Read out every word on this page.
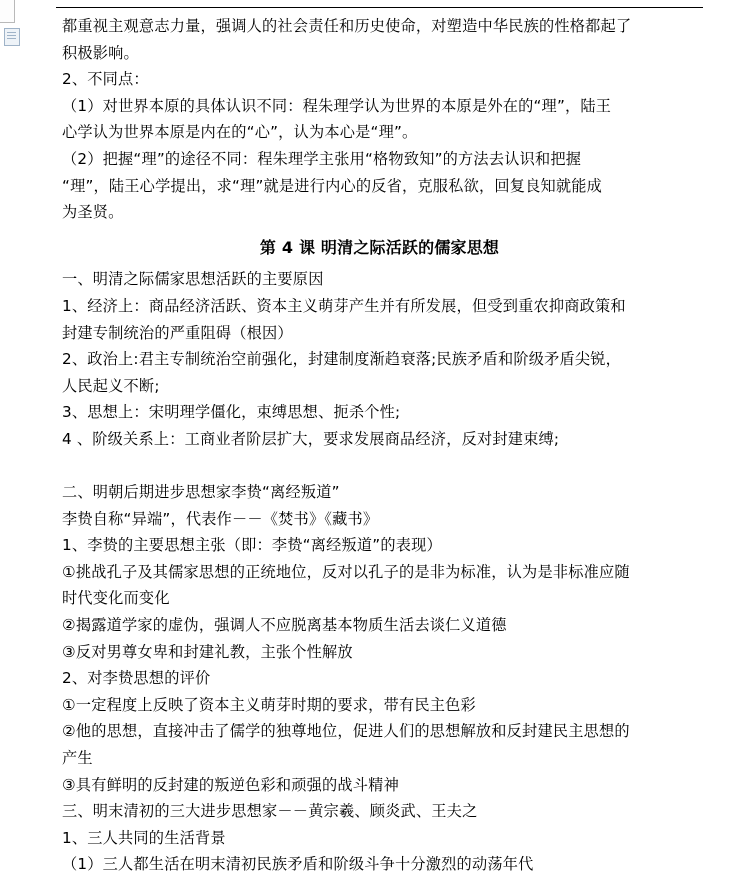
都重视主观意志力量，强调人的社会责任和历史使命，对塑造中华民族的性格都起了

积极影响。

2、不同点：

（1）对世界本原的具体认识不同：程朱理学认为世界的本原是外在的“理”，陆王

心学认为世界本原是内在的“心”，认为本心是“理”。

（2）把握“理”的途径不同：程朱理学主张用“格物致知”的方法去认识和把握

“理”，陆王心学提出，求“理”就是进行内心的反省，克服私欲，回复良知就能成

为圣贤。

第 4 课 明清之际活跃的儒家思想

一、明清之际儒家思想活跃的主要原因

1、经济上：商品经济活跃、资本主义萌芽产生并有所发展，但受到重农抑商政策和

封建专制统治的严重阻碍（根因）

2、政治上:君主专制统治空前强化，封建制度渐趋衰落;民族矛盾和阶级矛盾尖锐，

人民起义不断;

3、思想上：宋明理学僵化，束缚思想、扼杀个性;

4 、阶级关系上：工商业者阶层扩大，要求发展商品经济，反对封建束缚;

二、明朝后期进步思想家李贽“离经叛道”

李贽自称“异端”，代表作－－《焚书》《藏书》

1、李贽的主要思想主张（即：李贽“离经叛道”的表现）

①挑战孔子及其儒家思想的正统地位，反对以孔子的是非为标准，认为是非标准应随

时代变化而变化

②揭露道学家的虚伪，强调人不应脱离基本物质生活去谈仁义道德

③反对男尊女卑和封建礼教，主张个性解放

2、对李贽思想的评价

①一定程度上反映了资本主义萌芽时期的要求，带有民主色彩

②他的思想，直接冲击了儒学的独尊地位，促进人们的思想解放和反封建民主思想的

产生

③具有鲜明的反封建的叛逆色彩和顽强的战斗精神

三、明末清初的三大进步思想家－－黄宗羲、顾炎武、王夫之

1、三人共同的生活背景

（1）三人都生活在明末清初民族矛盾和阶级斗争十分激烈的动荡年代
